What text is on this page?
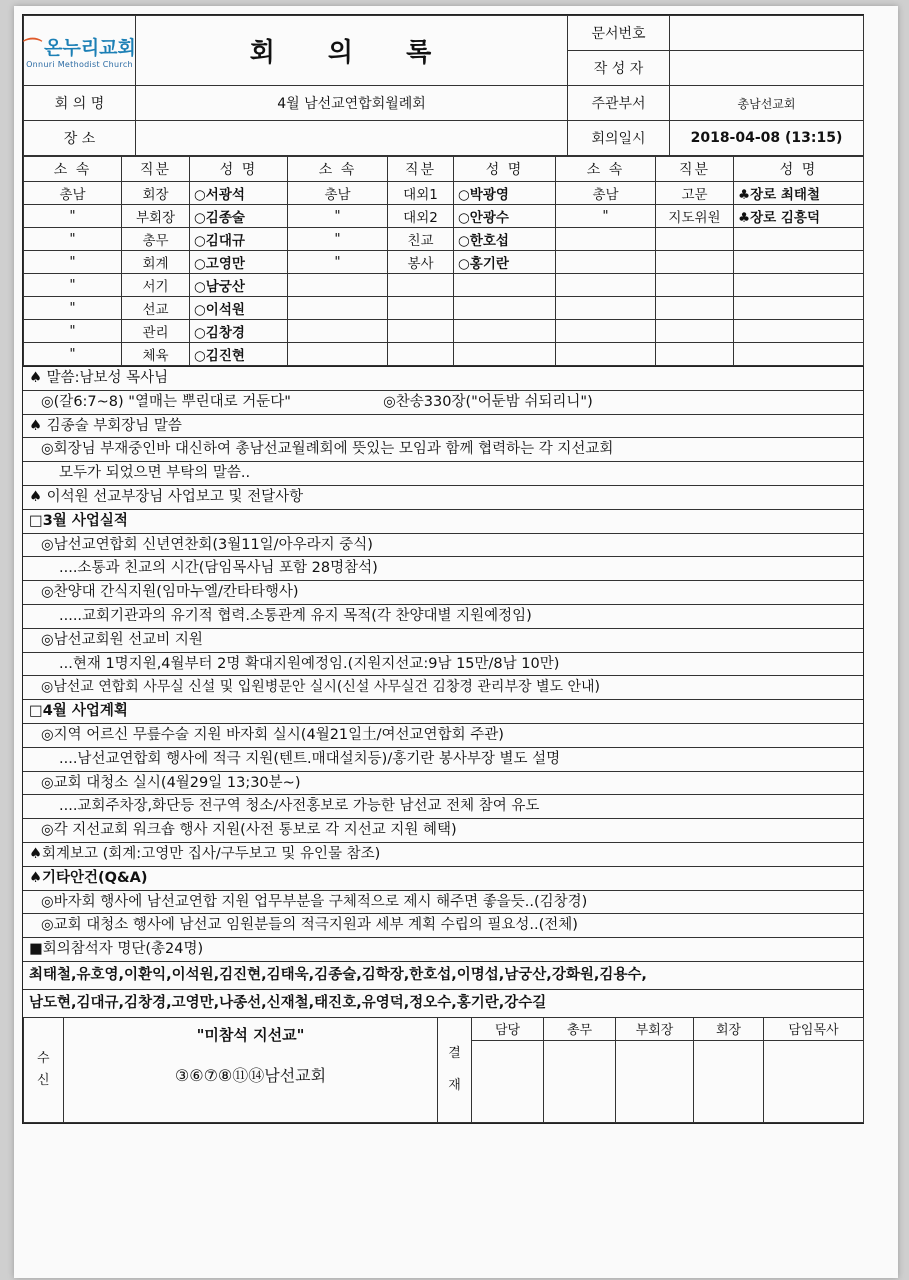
⌒ 온누리교회
Onnuri Methodist Church	회 의 록	문서번호	
		작 성 자	
회 의 명	4월 남선교연합회월례회	주관부서	총남선교회
장 소		회의일시	2018-04-08 (13:15)
소 속	직분	성 명	소 속	직분	성 명	소 속	직분	성 명
총남	회장	○서광석	총남	대외1	○박광영	총남	고문	♣장로 최태철
"	부회장	○김종술	"	대외2	○안광수	"	지도위원	♣장로 김흥덕
"	총무	○김대규	"	친교	○한호섭			
"	회계	○고영만	"	봉사	○홍기란			
"	서기	○남궁산						
"	선교	○이석원						
"	관리	○김창경						
"	체육	○김진현						
♠ 말씀:남보성 목사님
◎(갈6:7~8) "열매는 뿌린대로 거둔다"                    ◎찬송330장("어둔밤 쉬되리니")
♠ 김종술 부회장님 말씀
◎회장님 부재중인바 대신하여 총남선교월례회에 뜻있는 모임과 함께 협력하는 각 지선교회
모두가 되었으면 부탁의 말씀..
♠ 이석원 선교부장님 사업보고 및 전달사항
□3월 사업실적
◎남선교연합회 신년연찬회(3월11일/아우라지 중식)
....소통과 친교의 시간(담임목사님 포함 28명참석)
◎찬양대 간식지원(임마누엘/칸타타행사)
.....교회기관과의 유기적 협력.소통관계 유지 목적(각 찬양대별 지원예정임)
◎남선교회원 선교비 지원
...현재 1명지원,4월부터 2명 확대지원예정임.(지원지선교:9남 15만/8남 10만)
◎남선교 연합회 사무실 신설 및 입원병문안 실시(신설 사무실건 김창경 관리부장 별도 안내)
□4월 사업계획
◎지역 어르신 무릎수술 지원 바자회 실시(4월21일土/여선교연합회 주관)
....남선교연합회 행사에 적극 지원(텐트.매대설치등)/홍기란 봉사부장 별도 설명
◎교회 대청소 실시(4월29일 13;30분~)
....교회주차장,화단등 전구역 청소/사전홍보로 가능한 남선교 전체 참여 유도
◎각 지선교회 워크숍 행사 지원(사전 통보로 각 지선교 지원 혜택)
♠회계보고 (회계:고영만 집사/구두보고 및 유인물 참조)
♠기타안건(Q&A)
◎바자회 행사에 남선교연합 지원 업무부분을 구체적으로 제시 해주면 좋을듯..(김창경)
◎교회 대청소 행사에 남선교 임원분들의 적극지원과 세부 계획 수립의 필요성..(전체)
■회의참석자 명단(총24명)
최태철,유호영,이환익,이석원,김진현,김태욱,김종술,김학장,한호섭,이명섭,남궁산,강화원,김용수,
남도현,김대규,김창경,고영만,나종선,신재철,태진호,유영덕,정오수,홍기란,강수길
수신	"미참석 지선교"
③⑥⑦⑧⑪⑭남선교회	결재	담당	총무	부회장	회장	담임목사
